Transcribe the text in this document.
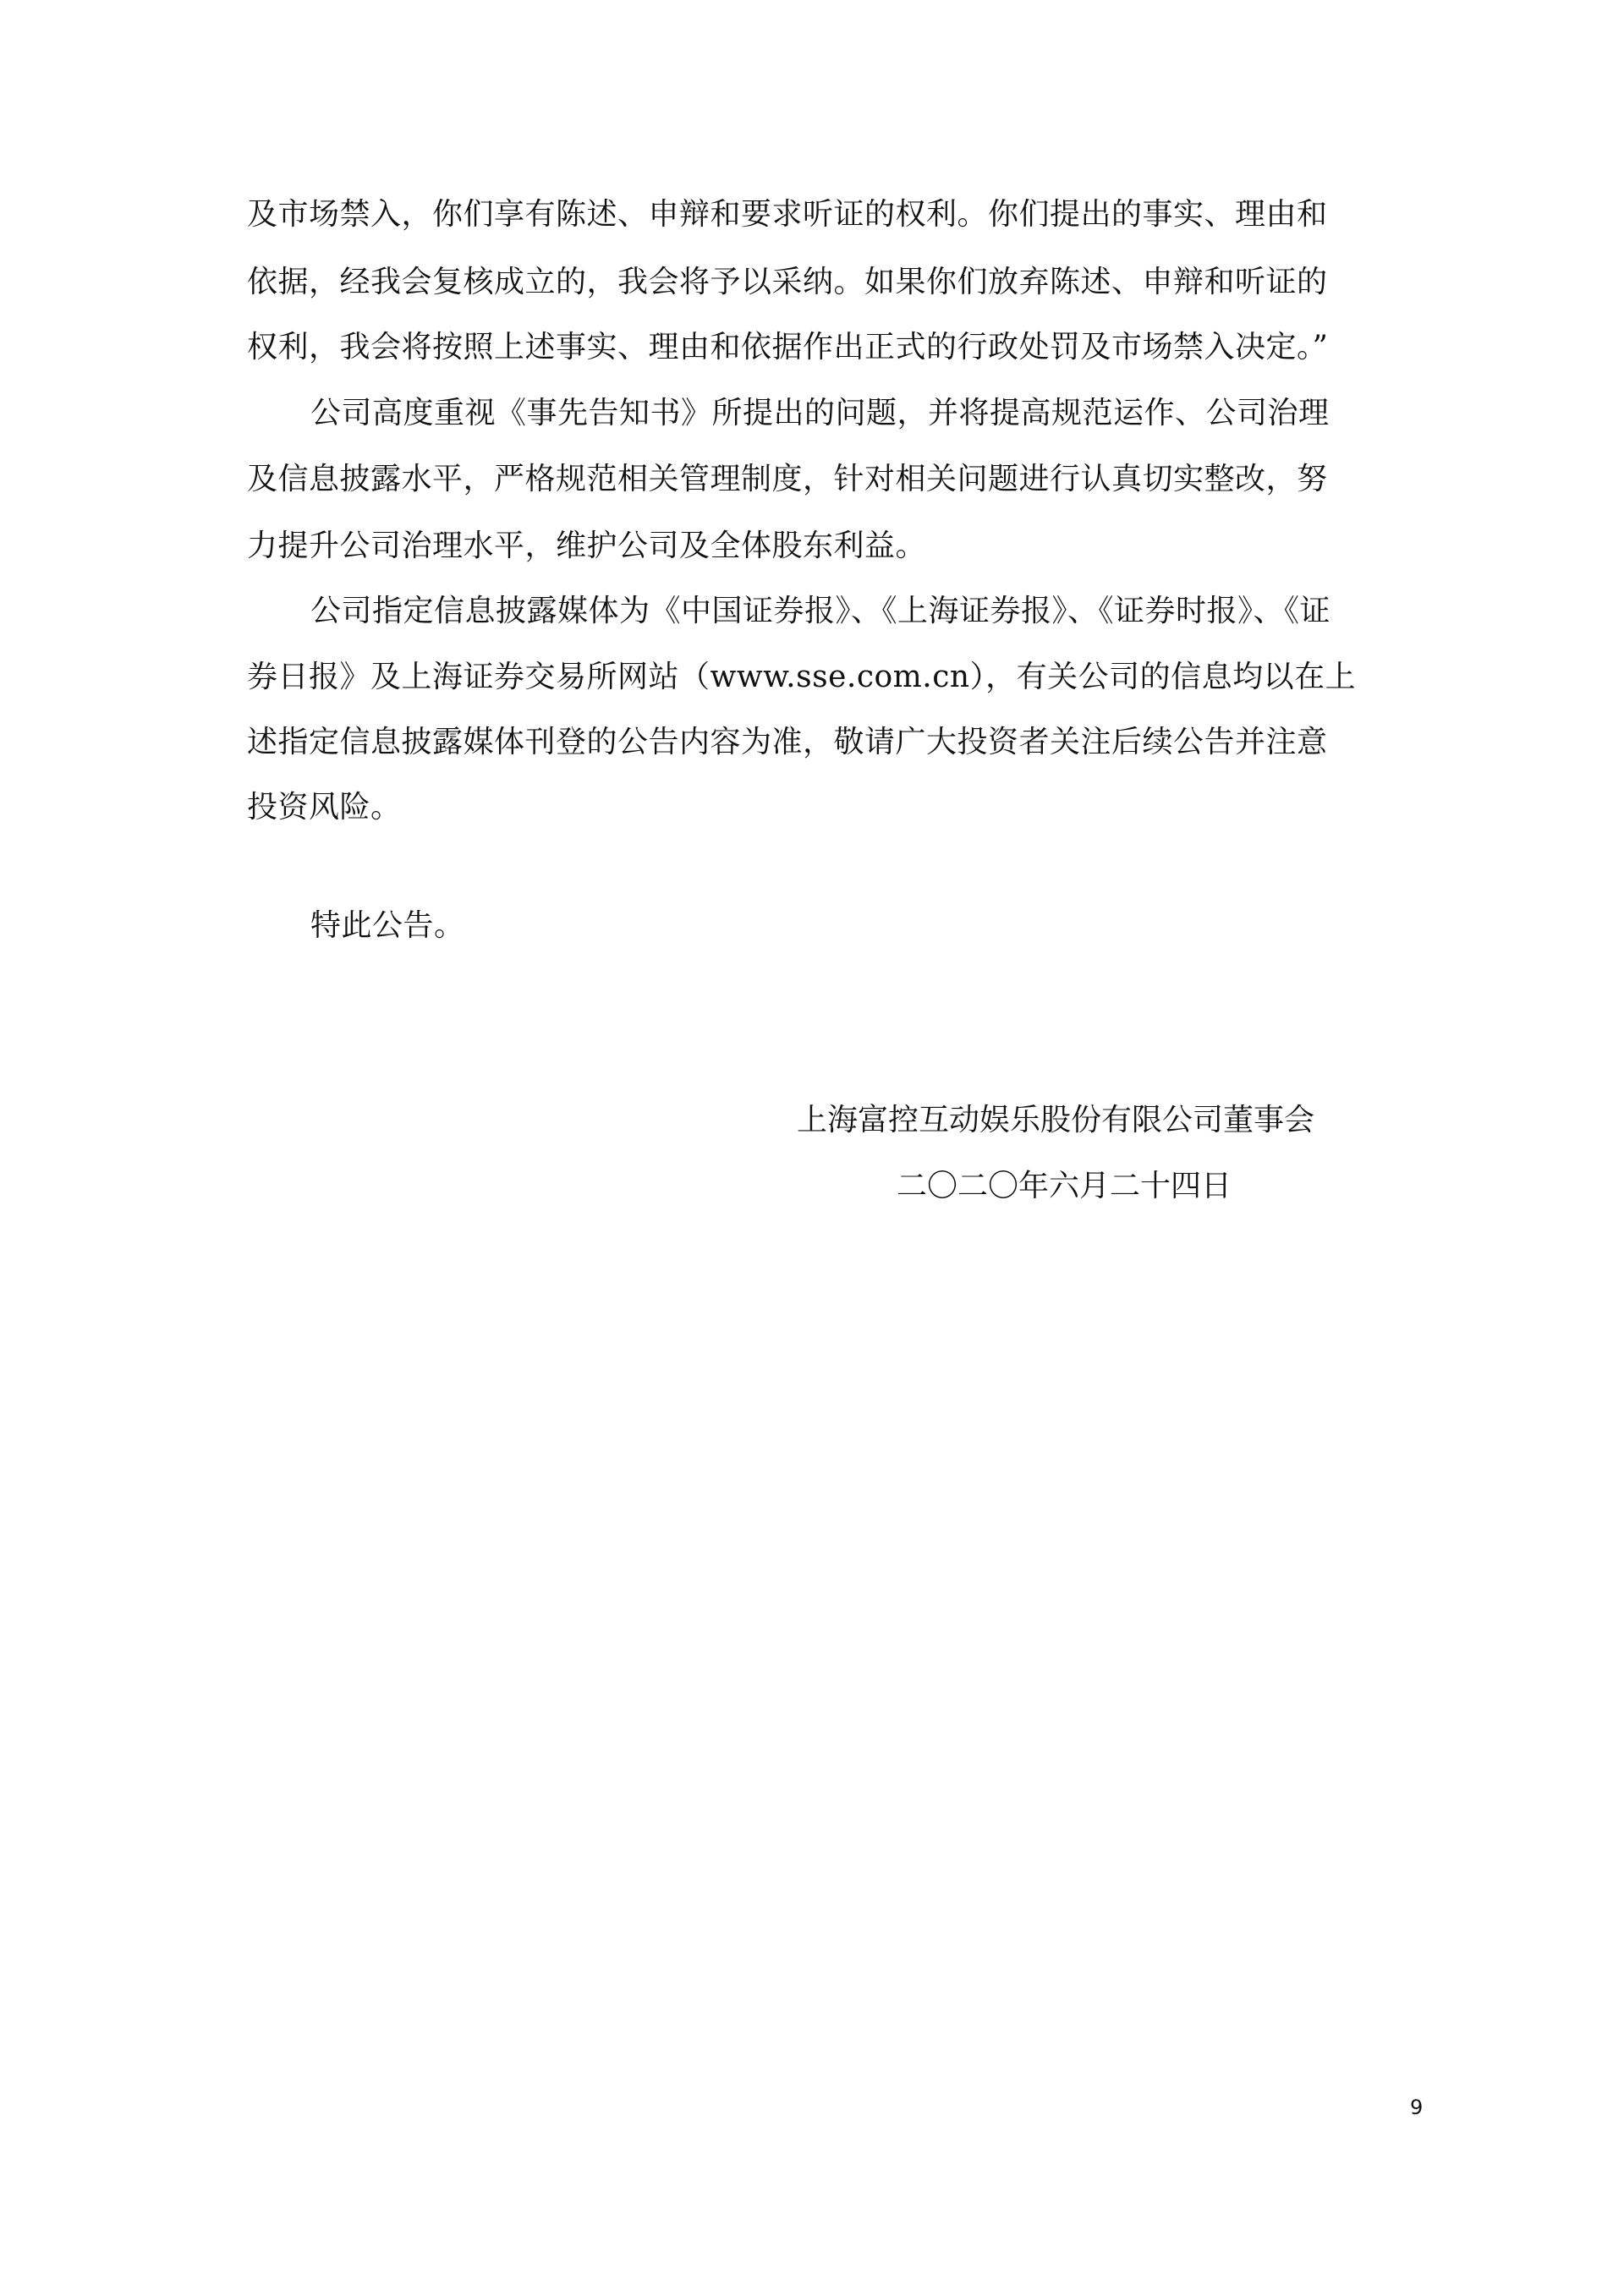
及市场禁入，你们享有陈述、申辩和要求听证的权利。你们提出的事实、理由和
依据，经我会复核成立的，我会将予以采纳。如果你们放弃陈述、申辩和听证的
权利，我会将按照上述事实、理由和依据作出正式的行政处罚及市场禁入决定。”
公司高度重视《事先告知书》所提出的问题，并将提高规范运作、公司治理
及信息披露水平，严格规范相关管理制度，针对相关问题进行认真切实整改，努
力提升公司治理水平，维护公司及全体股东利益。
公司指定信息披露媒体为《中国证券报》、《上海证券报》、《证券时报》、《证
券日报》及上海证券交易所网站（www.sse.com.cn），有关公司的信息均以在上
述指定信息披露媒体刊登的公告内容为准，敬请广大投资者关注后续公告并注意
投资风险。
特此公告。
上海富控互动娱乐股份有限公司董事会
二〇二〇年六月二十四日
9
